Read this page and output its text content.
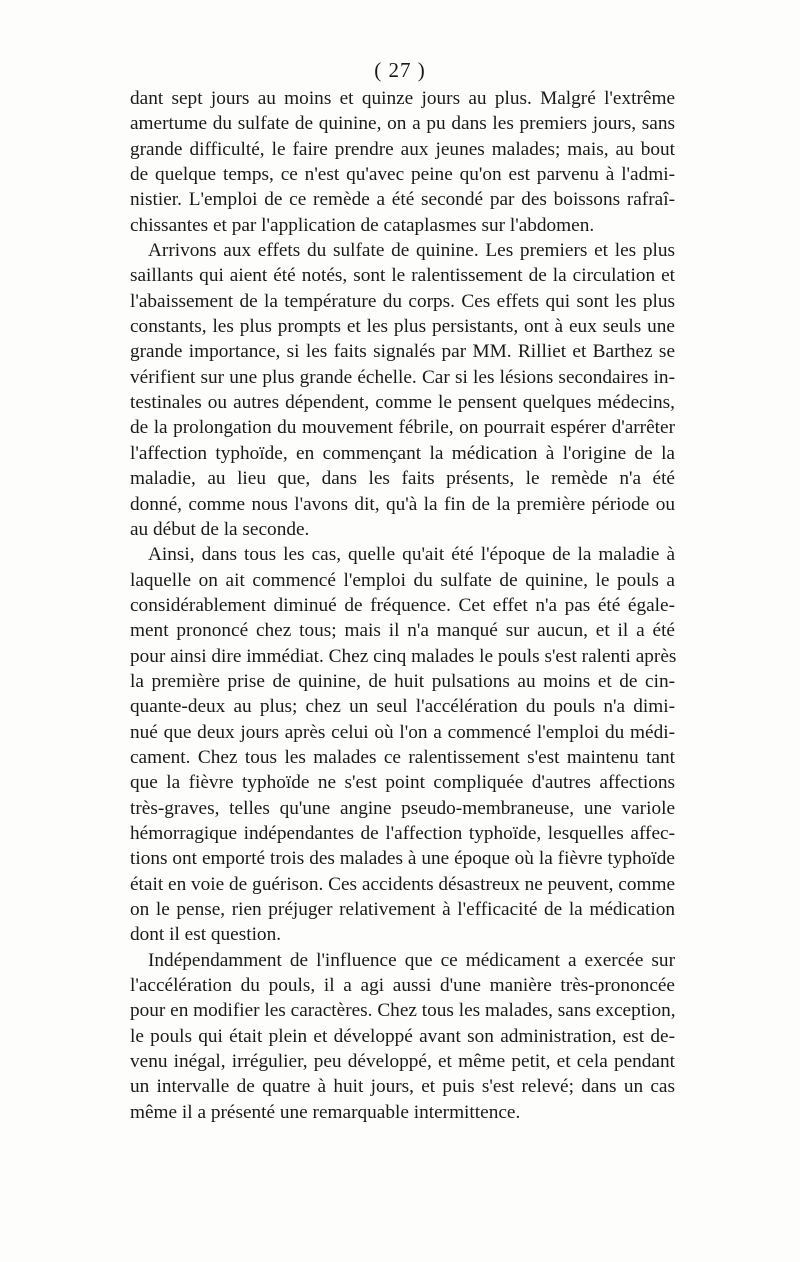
( 27 )
dant sept jours au moins et quinze jours au plus. Malgré l'extrême
amertume du sulfate de quinine, on a pu dans les premiers jours, sans
grande difficulté, le faire prendre aux jeunes malades; mais, au bout
de quelque temps, ce n'est qu'avec peine qu'on est parvenu à l'admi-
nistier. L'emploi de ce remède a été secondé par des boissons rafraî-
chissantes et par l'application de cataplasmes sur l'abdomen.
Arrivons aux effets du sulfate de quinine. Les premiers et les plus
saillants qui aient été notés, sont le ralentissement de la circulation et
l'abaissement de la température du corps. Ces effets qui sont les plus
constants, les plus prompts et les plus persistants, ont à eux seuls une
grande importance, si les faits signalés par MM. Rilliet et Barthez se
vérifient sur une plus grande échelle. Car si les lésions secondaires in-
testinales ou autres dépendent, comme le pensent quelques médecins,
de la prolongation du mouvement fébrile, on pourrait espérer d'arrêter
l'affection typhoïde, en commençant la médication à l'origine de la
maladie, au lieu que, dans les faits présents, le remède n'a été
donné, comme nous l'avons dit, qu'à la fin de la première période ou
au début de la seconde.
Ainsi, dans tous les cas, quelle qu'ait été l'époque de la maladie à
laquelle on ait commencé l'emploi du sulfate de quinine, le pouls a
considérablement diminué de fréquence. Cet effet n'a pas été égale-
ment prononcé chez tous; mais il n'a manqué sur aucun, et il a été
pour ainsi dire immédiat. Chez cinq malades le pouls s'est ralenti après
la première prise de quinine, de huit pulsations au moins et de cin-
quante-deux au plus; chez un seul l'accélération du pouls n'a dimi-
nué que deux jours après celui où l'on a commencé l'emploi du médi-
cament. Chez tous les malades ce ralentissement s'est maintenu tant
que la fièvre typhoïde ne s'est point compliquée d'autres affections
très-graves, telles qu'une angine pseudo-membraneuse, une variole
hémorragique indépendantes de l'affection typhoïde, lesquelles affec-
tions ont emporté trois des malades à une époque où la fièvre typhoïde
était en voie de guérison. Ces accidents désastreux ne peuvent, comme
on le pense, rien préjuger relativement à l'efficacité de la médication
dont il est question.
Indépendamment de l'influence que ce médicament a exercée sur
l'accélération du pouls, il a agi aussi d'une manière très-prononcée
pour en modifier les caractères. Chez tous les malades, sans exception,
le pouls qui était plein et développé avant son administration, est de-
venu inégal, irrégulier, peu développé, et même petit, et cela pendant
un intervalle de quatre à huit jours, et puis s'est relevé; dans un cas
même il a présenté une remarquable intermittence.
